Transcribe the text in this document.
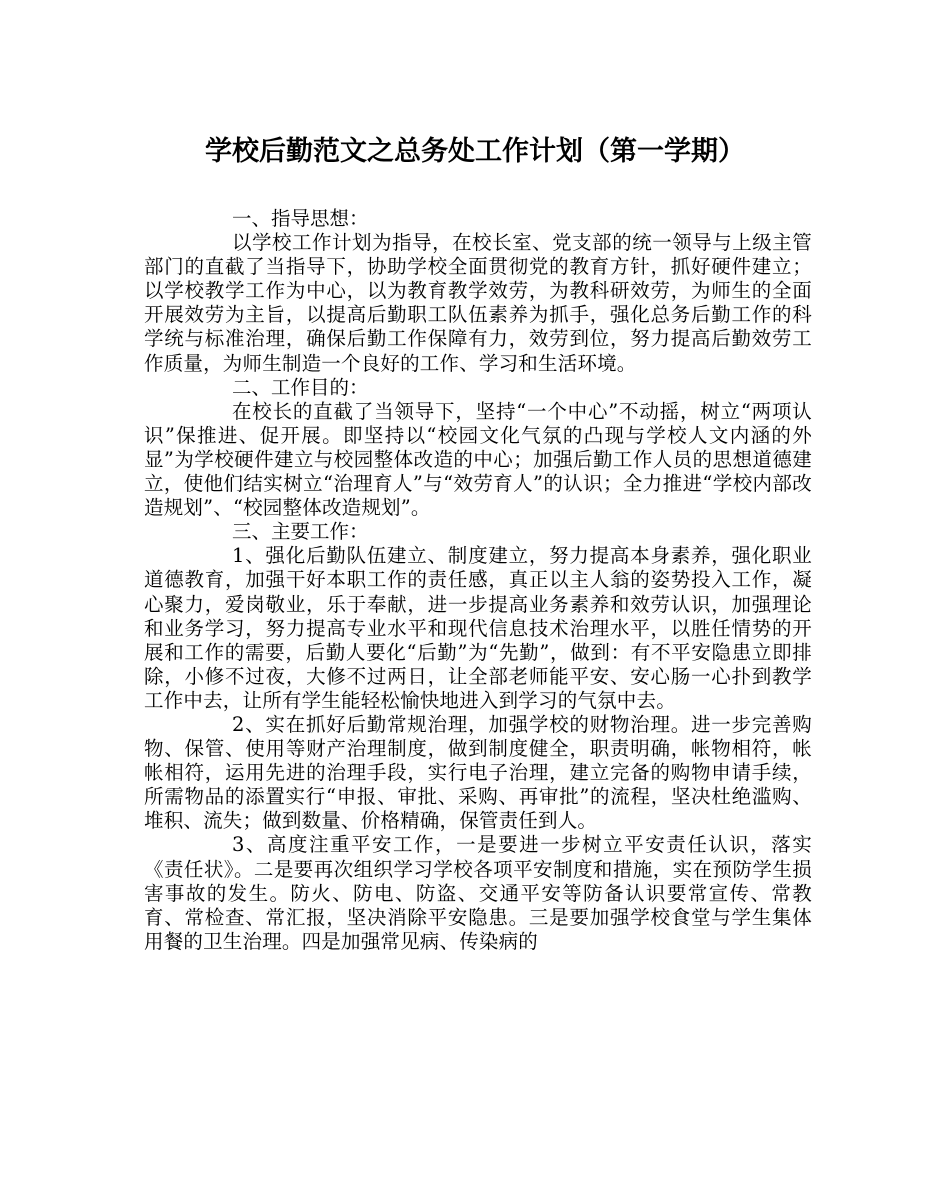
学校后勤范文之总务处工作计划（第一学期）

一、指导思想：

以学校工作计划为指导，在校长室、党支部的统一领导与上级主管部门的直截了当指导下，协助学校全面贯彻党的教育方针，抓好硬件建立；以学校教学工作为中心，以为教育教学效劳，为教科研效劳，为师生的全面开展效劳为主旨，以提高后勤职工队伍素养为抓手，强化总务后勤工作的科学统与标准治理，确保后勤工作保障有力，效劳到位，努力提高后勤效劳工作质量，为师生制造一个良好的工作、学习和生活环境。

二、工作目的：

在校长的直截了当领导下，坚持“一个中心”不动摇，树立“两项认识”保推进、促开展。即坚持以“校园文化气氛的凸现与学校人文内涵的外显”为学校硬件建立与校园整体改造的中心；加强后勤工作人员的思想道德建立，使他们结实树立“治理育人”与“效劳育人”的认识；全力推进“学校内部改造规划”、“校园整体改造规划”。

三、主要工作：

1、强化后勤队伍建立、制度建立，努力提高本身素养，强化职业道德教育，加强干好本职工作的责任感，真正以主人翁的姿势投入工作，凝心聚力，爱岗敬业，乐于奉献，进一步提高业务素养和效劳认识，加强理论和业务学习，努力提高专业水平和现代信息技术治理水平，以胜任情势的开展和工作的需要，后勤人要化“后勤”为“先勤”，做到：有不平安隐患立即排除，小修不过夜，大修不过两日，让全部老师能平安、安心肠一心扑到教学工作中去，让所有学生能轻松愉快地进入到学习的气氛中去。

2、实在抓好后勤常规治理，加强学校的财物治理。进一步完善购物、保管、使用等财产治理制度，做到制度健全，职责明确，帐物相符，帐帐相符，运用先进的治理手段，实行电子治理，建立完备的购物申请手续，所需物品的添置实行“申报、审批、采购、再审批”的流程，坚决杜绝滥购、堆积、流失；做到数量、价格精确，保管责任到人。

3、高度注重平安工作，一是要进一步树立平安责任认识，落实《责任状》。二是要再次组织学习学校各项平安制度和措施，实在预防学生损害事故的发生。防火、防电、防盗、交通平安等防备认识要常宣传、常教育、常检查、常汇报，坚决消除平安隐患。三是要加强学校食堂与学生集体用餐的卫生治理。四是加强常见病、传染病的
